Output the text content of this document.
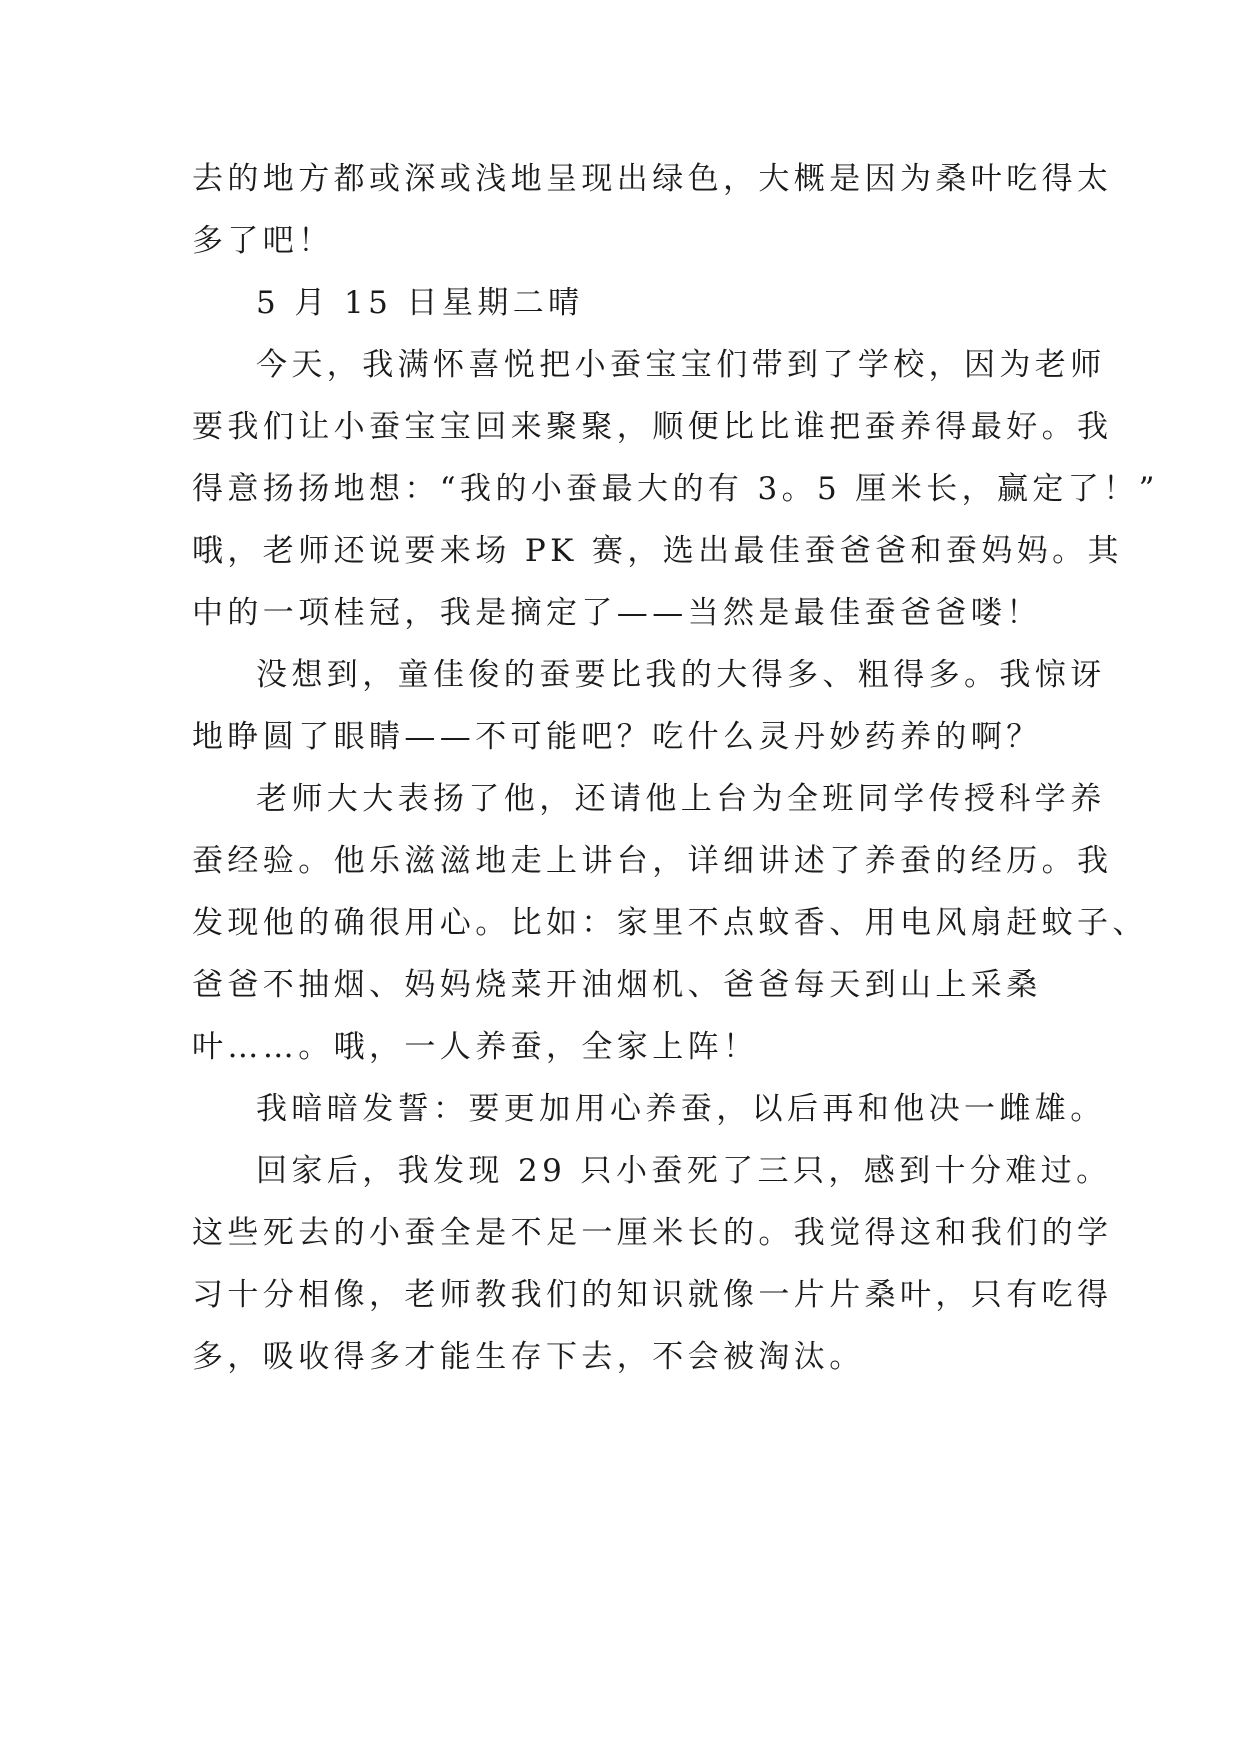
去的地方都或深或浅地呈现出绿色，大概是因为桑叶吃得太
多了吧！

5 月 15 日星期二晴

今天，我满怀喜悦把小蚕宝宝们带到了学校，因为老师
要我们让小蚕宝宝回来聚聚，顺便比比谁把蚕养得最好。我
得意扬扬地想：“我的小蚕最大的有 3。5 厘米长，赢定了！”
哦，老师还说要来场 PK 赛，选出最佳蚕爸爸和蚕妈妈。其
中的一项桂冠，我是摘定了——当然是最佳蚕爸爸喽！

没想到，童佳俊的蚕要比我的大得多、粗得多。我惊讶
地睁圆了眼睛——不可能吧？吃什么灵丹妙药养的啊？

老师大大表扬了他，还请他上台为全班同学传授科学养
蚕经验。他乐滋滋地走上讲台，详细讲述了养蚕的经历。我
发现他的确很用心。比如：家里不点蚊香、用电风扇赶蚊子、
爸爸不抽烟、妈妈烧菜开油烟机、爸爸每天到山上采桑
叶……。哦，一人养蚕，全家上阵！

我暗暗发誓：要更加用心养蚕，以后再和他决一雌雄。

回家后，我发现 29 只小蚕死了三只，感到十分难过。
这些死去的小蚕全是不足一厘米长的。我觉得这和我们的学
习十分相像，老师教我们的知识就像一片片桑叶，只有吃得
多，吸收得多才能生存下去，不会被淘汰。
